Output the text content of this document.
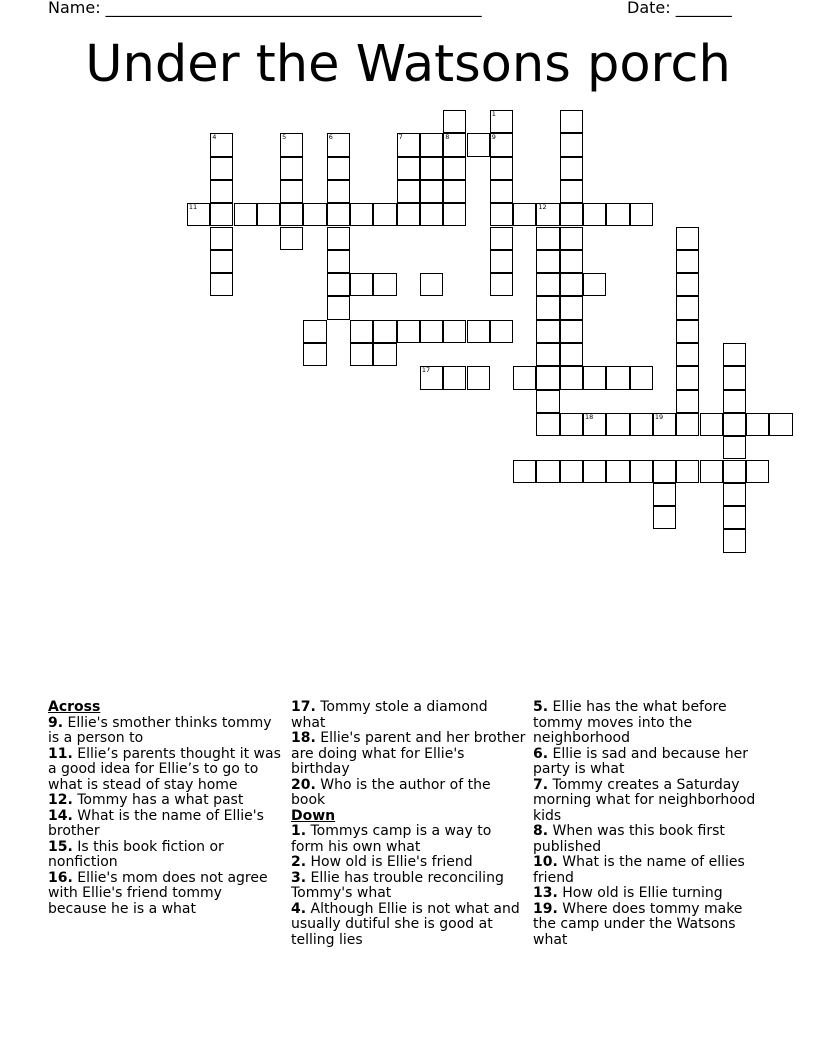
Name: _______________________________________________	Date: _______
Under the Watsons porch
8
1
9
4	5	6	7
12
11
17
18	19
Across
9. Ellie's smother thinks tommy is a person to
11. Ellie’s parents thought it was a good idea for Ellie’s to go to what is stead of stay home
12. Tommy has a what past
14. What is the name of Ellie's brother
15. Is this book fiction or nonfiction
16. Ellie's mom does not agree with Ellie's friend tommy because he is a what
17. Tommy stole a diamond what
18. Ellie's parent and her brother are doing what for Ellie's birthday
20. Who is the author of the book
Down
1. Tommys camp is a way to form his own what
2. How old is Ellie's friend
3. Ellie has trouble reconciling Tommy's what
4. Although Ellie is not what and usually dutiful she is good at telling lies
5. Ellie has the what before tommy moves into the neighborhood
6. Ellie is sad and because her party is what
7. Tommy creates a Saturday morning what for neighborhood kids
8. When was this book first published
10. What is the name of ellies friend
13. How old is Ellie turning
19. Where does tommy make the camp under the Watsons what
